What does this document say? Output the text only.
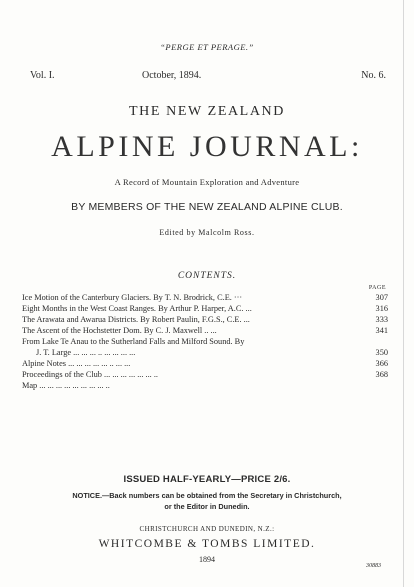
“PERGE ET PERAGE.”
Vol. I.	October, 1894.	No. 6.
THE NEW ZEALAND
ALPINE JOURNAL:
A Record of Mountain Exploration and Adventure
BY MEMBERS OF THE NEW ZEALAND ALPINE CLUB.
Edited by Malcolm Ross.
CONTENTS.
PAGE
Ice Motion of the Canterbury Glaciers. By T. N. Brodrick, C.E. ···	307
Eight Months in the West Coast Ranges. By Arthur P. Harper, A.C. ...	316
The Arawata and Awarua Districts. By Robert Paulin, F.G.S., C.E. ...	333
The Ascent of the Hochstetter Dom. By C. J. Maxwell .. ...	341
From Lake Te Anau to the Sutherland Falls and Milford Sound. By
J. T. Large ... ... ... .. ... ... ... ...	350
Alpine Notes ... ... ... ... ... .. ... ...	366
Proceedings of the Club ... ... ... ... ... ... ..	368
Map ... ... ... ... ... ... ... ... ..
ISSUED HALF-YEARLY—PRICE 2/6.
NOTICE.—Back numbers can be obtained from the Secretary in Christchurch,
or the Editor in Dunedin.
CHRISTCHURCH AND DUNEDIN, N.Z.:
WHITCOMBE & TOMBS LIMITED.
1894
30883
